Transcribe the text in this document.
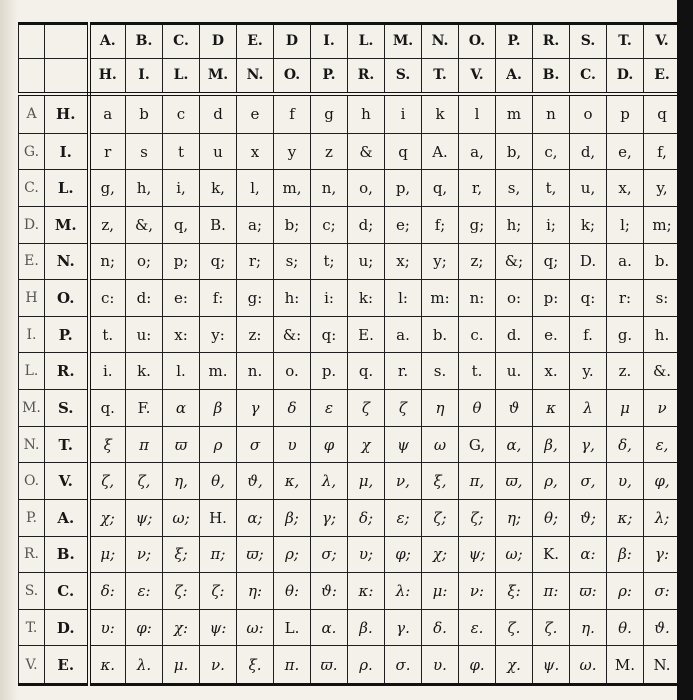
		A.	B.	C.	D	E.	D	I.	L.	M.	N.	O.	P.	R.	S.	T.	V.
		H.	I.	L.	M.	N.	O.	P.	R.	S.	T.	V.	A.	B.	C.	D.	E.
A	H.	a	b	c	d	e	f	g	h	i	k	l	m	n	o	p	q
G.	I.	r	s	t	u	x	y	z	&	q	A.	a,	b,	c,	d,	e,	f,
C.	L.	g,	h,	i,	k,	l,	m,	n,	o,	p,	q,	r,	s,	t,	u,	x,	y,
D.	M.	z,	&,	q,	B.	a;	b;	c;	d;	e;	f;	g;	h;	i;	k;	l;	m;
E.	N.	n;	o;	p;	q;	r;	s;	t;	u;	x;	y;	z;	&;	q;	D.	a.	b.
H	O.	c:	d:	e:	f:	g:	h:	i:	k:	l:	m:	n:	o:	p:	q:	r:	s:
I.	P.	t.	u:	x:	y:	z:	&:	q:	E.	a.	b.	c.	d.	e.	f.	g.	h.
L.	R.	i.	k.	l.	m.	n.	o.	p.	q.	r.	s.	t.	u.	x.	y.	z.	&.
M.	S.	q.	F.	α	β	γ	δ	ε	ζ	ζ	η	θ	ϑ	κ	λ	μ	ν
N.	T.	ξ	π	ϖ	ρ	σ	υ	φ	χ	ψ	ω	G,	α,	β,	γ,	δ,	ε,
O.	V.	ζ,	ζ,	η,	θ,	ϑ,	κ,	λ,	μ,	ν,	ξ,	π,	ϖ,	ρ,	σ,	υ,	φ,
P.	A.	χ;	ψ;	ω;	H.	α;	β;	γ;	δ;	ε;	ζ;	ζ;	η;	θ;	ϑ;	κ;	λ;
R.	B.	μ;	ν;	ξ;	π;	ϖ;	ρ;	σ;	υ;	φ;	χ;	ψ;	ω;	K.	α:	β:	γ:
S.	C.	δ:	ε:	ζ:	ζ:	η:	θ:	ϑ:	κ:	λ:	μ:	ν:	ξ:	π:	ϖ:	ρ:	σ:
T.	D.	υ:	φ:	χ:	ψ:	ω:	L.	α.	β.	γ.	δ.	ε.	ζ.	ζ.	η.	θ.	ϑ.
V.	E.	κ.	λ.	μ.	ν.	ξ.	π.	ϖ.	ρ.	σ.	υ.	φ.	χ.	ψ.	ω.	M.	N.
